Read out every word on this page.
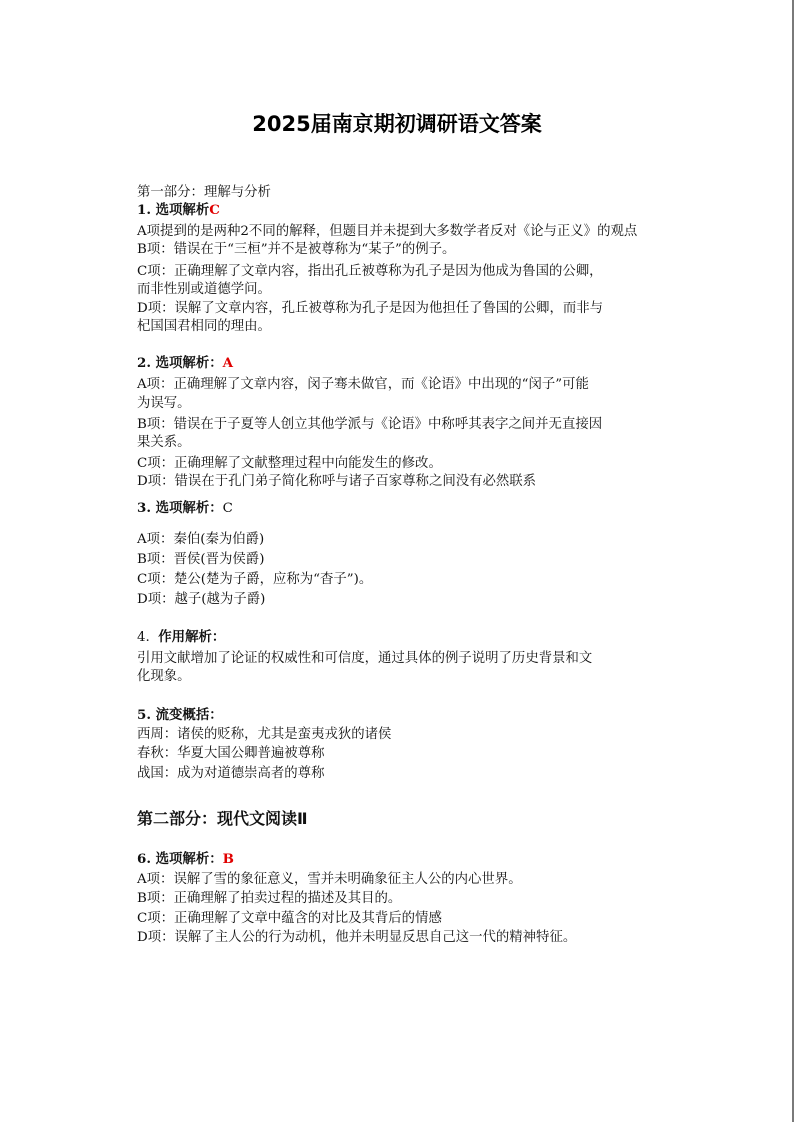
2025届南京期初调研语文答案
第一部分：理解与分析
1. 选项解析C
A项提到的是两种2不同的解释，但题目并未提到大多数学者反对《论与正义》的观点
B项：错误在于“三桓”并不是被尊称为“某子”的例子。
C项：正确理解了文章内容，指出孔丘被尊称为孔子是因为他成为鲁国的公卿，
而非性别或道德学问。
D项：误解了文章内容，孔丘被尊称为孔子是因为他担任了鲁国的公卿，而非与
杞国国君相同的理由。
2. 选项解析：A
A项：正确理解了文章内容，闵子骞未做官，而《论语》中出现的“闵子”可能
为误写。
B项：错误在于子夏等人创立其他学派与《论语》中称呼其表字之间并无直接因
果关系。
C项：正确理解了文献整理过程中向能发生的修改。
D项：错误在于孔门弟子简化称呼与诸子百家尊称之间没有必然联系
3. 选项解析：C
A项：秦伯(秦为伯爵)
B项：晋侯(晋为侯爵)
C项：楚公(楚为子爵，应称为“杳子”)。
D项：越子(越为子爵)
4. 作用解析：
引用文献增加了论证的权威性和可信度，通过具体的例子说明了历史背景和文
化现象。
5. 流变概括：
西周：诸侯的贬称，尤其是蛮夷戎狄的诸侯
春秋：华夏大国公卿普遍被尊称
战国：成为对道德崇高者的尊称
第二部分：现代文阅读Ⅱ
6. 选项解析：B
A项：误解了雪的象征意义，雪并未明确象征主人公的内心世界。
B项：正确理解了拍卖过程的描述及其目的。
C项：正确理解了文章中蕴含的对比及其背后的情感
D项：误解了主人公的行为动机，他并未明显反思自己这一代的精神特征。
